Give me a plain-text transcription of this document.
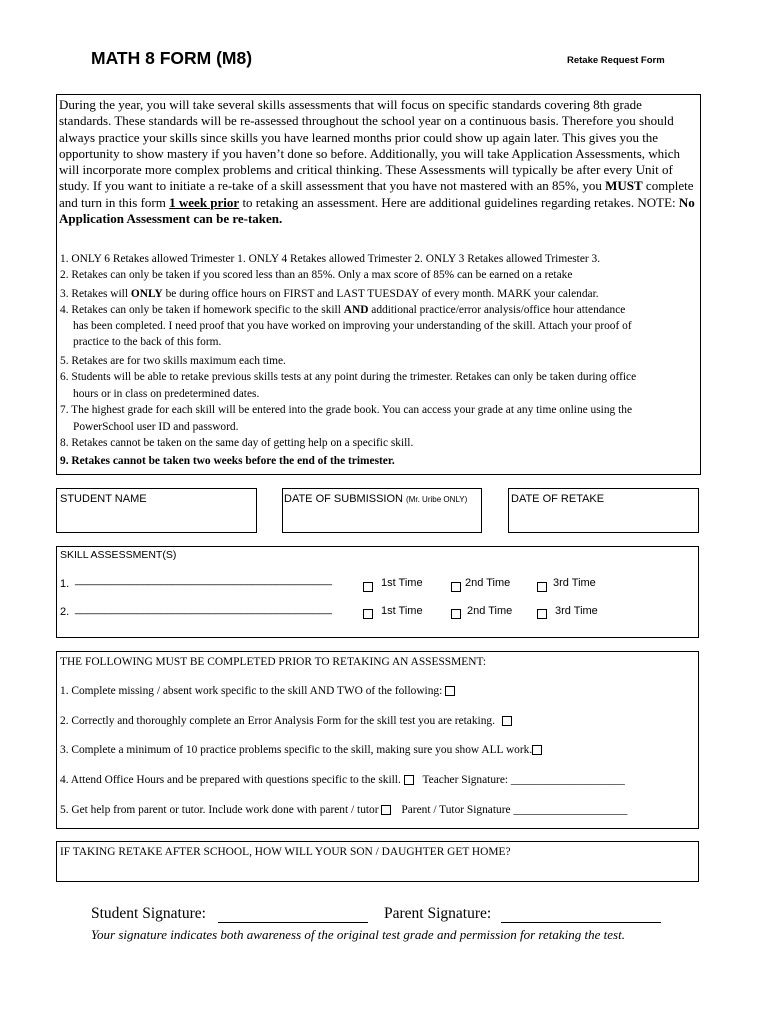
MATH 8 FORM (M8)	Retake Request Form
During the year, you will take several skills assessments that will focus on specific standards covering 8th grade standards. These standards will be re-assessed throughout the school year on a continuous basis. Therefore you should always practice your skills since skills you have learned months prior could show up again later. This gives you the opportunity to show mastery if you haven’t done so before. Additionally, you will take Application Assessments, which will incorporate more complex problems and critical thinking. These Assessments will typically be after every Unit of study. If you want to initiate a re-take of a skill assessment that you have not mastered with an 85%, you MUST complete and turn in this form 1 week prior to retaking an assessment. Here are additional guidelines regarding retakes. NOTE: No Application Assessment can be re-taken.
1. ONLY 6 Retakes allowed Trimester 1. ONLY 4 Retakes allowed Trimester 2. ONLY 3 Retakes allowed Trimester 3.
2. Retakes can only be taken if you scored less than an 85%. Only a max score of 85% can be earned on a retake
3. Retakes will ONLY be during office hours on FIRST and LAST TUESDAY of every month. MARK your calendar.
4. Retakes can only be taken if homework specific to the skill AND additional practice/error analysis/office hour attendance
has been completed. I need proof that you have worked on improving your understanding of the skill. Attach your proof of
practice to the back of this form.
5. Retakes are for two skills maximum each time.
6. Students will be able to retake previous skills tests at any point during the trimester. Retakes can only be taken during office
hours or in class on predetermined dates.
7. The highest grade for each skill will be entered into the grade book. You can access your grade at any time online using the
PowerSchool user ID and password.
8. Retakes cannot be taken on the same day of getting help on a specific skill.
9. Retakes cannot be taken two weeks before the end of the trimester.
STUDENT NAME	DATE OF SUBMISSION (Mr. Uribe ONLY)	DATE OF RETAKE
SKILL ASSESSMENT(S)
1. __________________________________________	1st Time	2nd Time	3rd Time
2. __________________________________________	1st Time	2nd Time	3rd Time
THE FOLLOWING MUST BE COMPLETED PRIOR TO RETAKING AN ASSESSMENT:
1. Complete missing / absent work specific to the skill AND TWO of the following:
2. Correctly and thoroughly complete an Error Analysis Form for the skill test you are retaking.
3. Complete a minimum of 10 practice problems specific to the skill, making sure you show ALL work.
4. Attend Office Hours and be prepared with questions specific to the skill. Teacher Signature: ____________________
5. Get help from parent or tutor. Include work done with parent / tutor Parent / Tutor Signature ____________________
IF TAKING RETAKE AFTER SCHOOL, HOW WILL YOUR SON / DAUGHTER GET HOME?
Student Signature:	Parent Signature:
Your signature indicates both awareness of the original test grade and permission for retaking the test.
